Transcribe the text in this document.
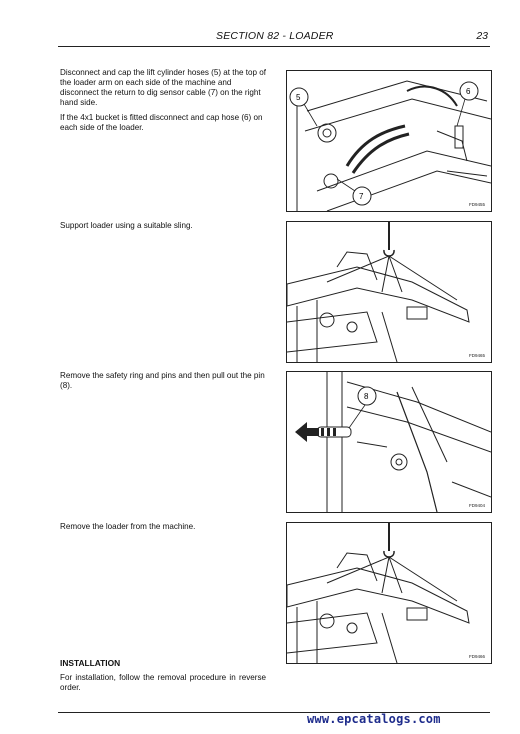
SECTION 82 - LOADER	23

Disconnect and cap the lift cylinder hoses (5) at the top of the loader arm on each side of the machine and disconnect the return to dig sensor cable (7) on the right hand side.

If the 4x1 bucket is fitted disconnect and cap hose (6) on each side of the loader.

5
6
7
FD9455

Support loader using a suitable sling.

FD9465

Remove the safety ring and pins and then pull out the pin (8).

8
FD9404

Remove the loader from the machine.

FD9466
INSTALLATION
For installation, follow the removal procedure in reverse order.
www.epcatalogs.com
